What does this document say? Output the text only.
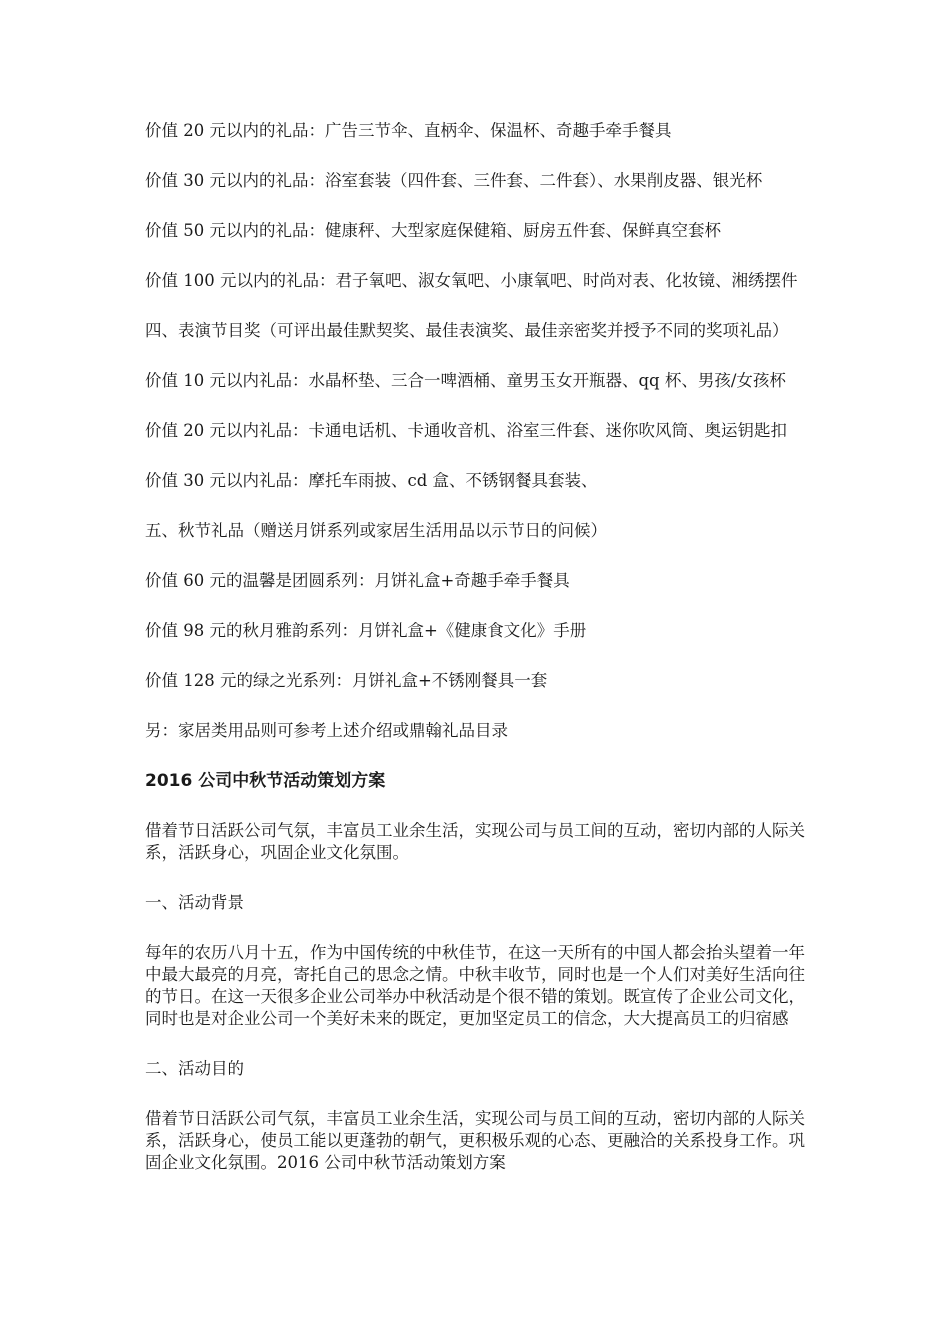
价值 20 元以内的礼品：广告三节伞、直柄伞、保温杯、奇趣手牵手餐具

价值 30 元以内的礼品：浴室套装（四件套、三件套、二件套）、水果削皮器、银光杯

价值 50 元以内的礼品：健康秤、大型家庭保健箱、厨房五件套、保鲜真空套杯

价值 100 元以内的礼品：君子氧吧、淑女氧吧、小康氧吧、时尚对表、化妆镜、湘绣摆件

四、表演节目奖（可评出最佳默契奖、最佳表演奖、最佳亲密奖并授予不同的奖项礼品）

价值 10 元以内礼品：水晶杯垫、三合一啤酒桶、童男玉女开瓶器、qq 杯、男孩/女孩杯

价值 20 元以内礼品：卡通电话机、卡通收音机、浴室三件套、迷你吹风筒、奥运钥匙扣

价值 30 元以内礼品：摩托车雨披、cd 盒、不锈钢餐具套装、

五、秋节礼品（赠送月饼系列或家居生活用品以示节日的问候）

价值 60 元的温馨是团圆系列：月饼礼盒+奇趣手牵手餐具

价值 98 元的秋月雅韵系列：月饼礼盒+《健康食文化》手册

价值 128 元的绿之光系列：月饼礼盒+不锈刚餐具一套

另：家居类用品则可参考上述介绍或鼎翰礼品目录

2016 公司中秋节活动策划方案

借着节日活跃公司气氛，丰富员工业余生活，实现公司与员工间的互动，密切内部的人际关系，活跃身心，巩固企业文化氛围。

一、活动背景

每年的农历八月十五，作为中国传统的中秋佳节，在这一天所有的中国人都会抬头望着一年中最大最亮的月亮，寄托自己的思念之情。中秋丰收节，同时也是一个人们对美好生活向往的节日。在这一天很多企业公司举办中秋活动是个很不错的策划。既宣传了企业公司文化，同时也是对企业公司一个美好未来的既定，更加坚定员工的信念，大大提高员工的归宿感

二、活动目的

借着节日活跃公司气氛，丰富员工业余生活，实现公司与员工间的互动，密切内部的人际关系，活跃身心，使员工能以更蓬勃的朝气，更积极乐观的心态、更融洽的关系投身工作。巩固企业文化氛围。2016 公司中秋节活动策划方案
